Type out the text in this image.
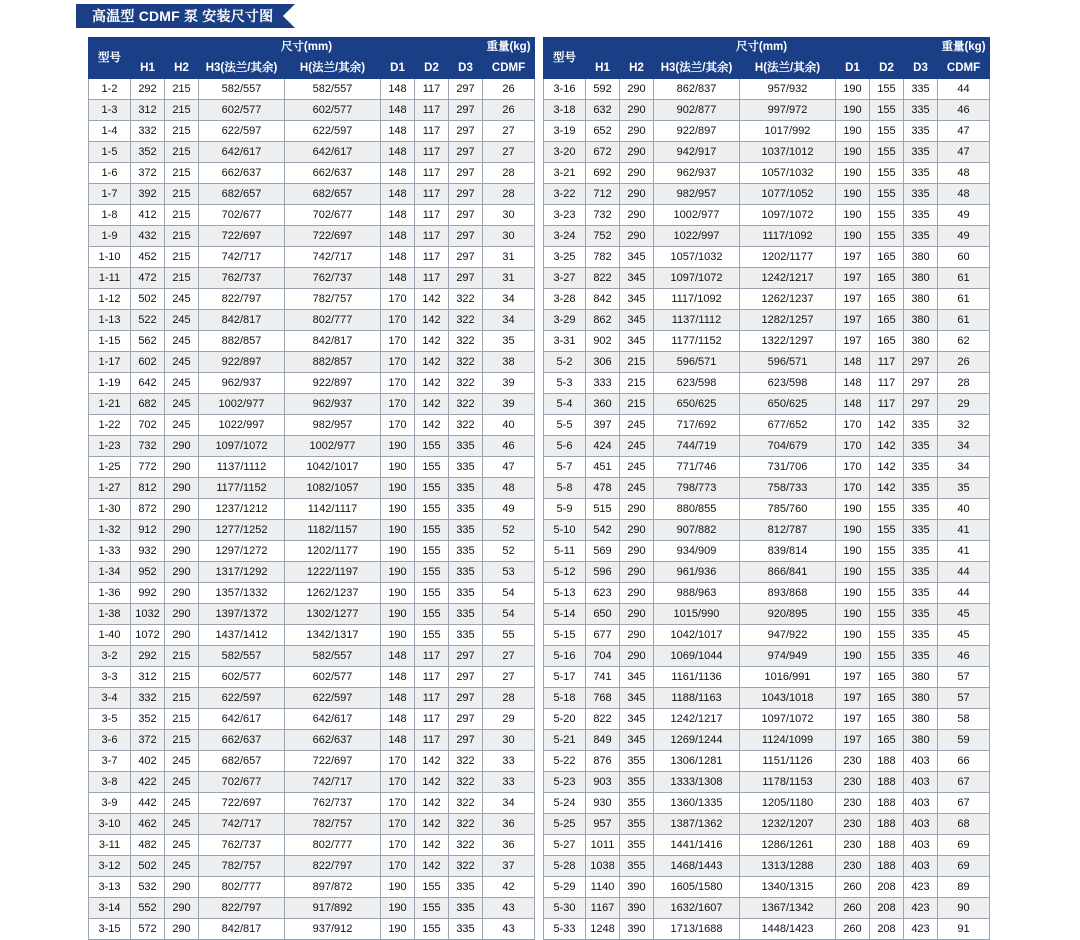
高温型 CDMF 泵 安装尺寸图
型号	尺寸(mm)							重量(kg)
	H1	H2	H3(法兰/其余)	H(法兰/其余)	D1	D2	D3	CDMF
1-2	292	215	582/557	582/557	148	117	297	26
1-3	312	215	602/577	602/577	148	117	297	26
1-4	332	215	622/597	622/597	148	117	297	27
1-5	352	215	642/617	642/617	148	117	297	27
1-6	372	215	662/637	662/637	148	117	297	28
1-7	392	215	682/657	682/657	148	117	297	28
1-8	412	215	702/677	702/677	148	117	297	30
1-9	432	215	722/697	722/697	148	117	297	30
1-10	452	215	742/717	742/717	148	117	297	31
1-11	472	215	762/737	762/737	148	117	297	31
1-12	502	245	822/797	782/757	170	142	322	34
1-13	522	245	842/817	802/777	170	142	322	34
1-15	562	245	882/857	842/817	170	142	322	35
1-17	602	245	922/897	882/857	170	142	322	38
1-19	642	245	962/937	922/897	170	142	322	39
1-21	682	245	1002/977	962/937	170	142	322	39
1-22	702	245	1022/997	982/957	170	142	322	40
1-23	732	290	1097/1072	1002/977	190	155	335	46
1-25	772	290	1137/1112	1042/1017	190	155	335	47
1-27	812	290	1177/1152	1082/1057	190	155	335	48
1-30	872	290	1237/1212	1142/1117	190	155	335	49
1-32	912	290	1277/1252	1182/1157	190	155	335	52
1-33	932	290	1297/1272	1202/1177	190	155	335	52
1-34	952	290	1317/1292	1222/1197	190	155	335	53
1-36	992	290	1357/1332	1262/1237	190	155	335	54
1-38	1032	290	1397/1372	1302/1277	190	155	335	54
1-40	1072	290	1437/1412	1342/1317	190	155	335	55
3-2	292	215	582/557	582/557	148	117	297	27
3-3	312	215	602/577	602/577	148	117	297	27
3-4	332	215	622/597	622/597	148	117	297	28
3-5	352	215	642/617	642/617	148	117	297	29
3-6	372	215	662/637	662/637	148	117	297	30
3-7	402	245	682/657	722/697	170	142	322	33
3-8	422	245	702/677	742/717	170	142	322	33
3-9	442	245	722/697	762/737	170	142	322	34
3-10	462	245	742/717	782/757	170	142	322	36
3-11	482	245	762/737	802/777	170	142	322	36
3-12	502	245	782/757	822/797	170	142	322	37
3-13	532	290	802/777	897/872	190	155	335	42
3-14	552	290	822/797	917/892	190	155	335	43
3-15	572	290	842/817	937/912	190	155	335	43
型号	尺寸(mm)							重量(kg)
	H1	H2	H3(法兰/其余)	H(法兰/其余)	D1	D2	D3	CDMF
3-16	592	290	862/837	957/932	190	155	335	44
3-18	632	290	902/877	997/972	190	155	335	46
3-19	652	290	922/897	1017/992	190	155	335	47
3-20	672	290	942/917	1037/1012	190	155	335	47
3-21	692	290	962/937	1057/1032	190	155	335	48
3-22	712	290	982/957	1077/1052	190	155	335	48
3-23	732	290	1002/977	1097/1072	190	155	335	49
3-24	752	290	1022/997	1117/1092	190	155	335	49
3-25	782	345	1057/1032	1202/1177	197	165	380	60
3-27	822	345	1097/1072	1242/1217	197	165	380	61
3-28	842	345	1117/1092	1262/1237	197	165	380	61
3-29	862	345	1137/1112	1282/1257	197	165	380	61
3-31	902	345	1177/1152	1322/1297	197	165	380	62
5-2	306	215	596/571	596/571	148	117	297	26
5-3	333	215	623/598	623/598	148	117	297	28
5-4	360	215	650/625	650/625	148	117	297	29
5-5	397	245	717/692	677/652	170	142	335	32
5-6	424	245	744/719	704/679	170	142	335	34
5-7	451	245	771/746	731/706	170	142	335	34
5-8	478	245	798/773	758/733	170	142	335	35
5-9	515	290	880/855	785/760	190	155	335	40
5-10	542	290	907/882	812/787	190	155	335	41
5-11	569	290	934/909	839/814	190	155	335	41
5-12	596	290	961/936	866/841	190	155	335	44
5-13	623	290	988/963	893/868	190	155	335	44
5-14	650	290	1015/990	920/895	190	155	335	45
5-15	677	290	1042/1017	947/922	190	155	335	45
5-16	704	290	1069/1044	974/949	190	155	335	46
5-17	741	345	1161/1136	1016/991	197	165	380	57
5-18	768	345	1188/1163	1043/1018	197	165	380	57
5-20	822	345	1242/1217	1097/1072	197	165	380	58
5-21	849	345	1269/1244	1124/1099	197	165	380	59
5-22	876	355	1306/1281	1151/1126	230	188	403	66
5-23	903	355	1333/1308	1178/1153	230	188	403	67
5-24	930	355	1360/1335	1205/1180	230	188	403	67
5-25	957	355	1387/1362	1232/1207	230	188	403	68
5-27	1011	355	1441/1416	1286/1261	230	188	403	69
5-28	1038	355	1468/1443	1313/1288	230	188	403	69
5-29	1140	390	1605/1580	1340/1315	260	208	423	89
5-30	1167	390	1632/1607	1367/1342	260	208	423	90
5-33	1248	390	1713/1688	1448/1423	260	208	423	91
